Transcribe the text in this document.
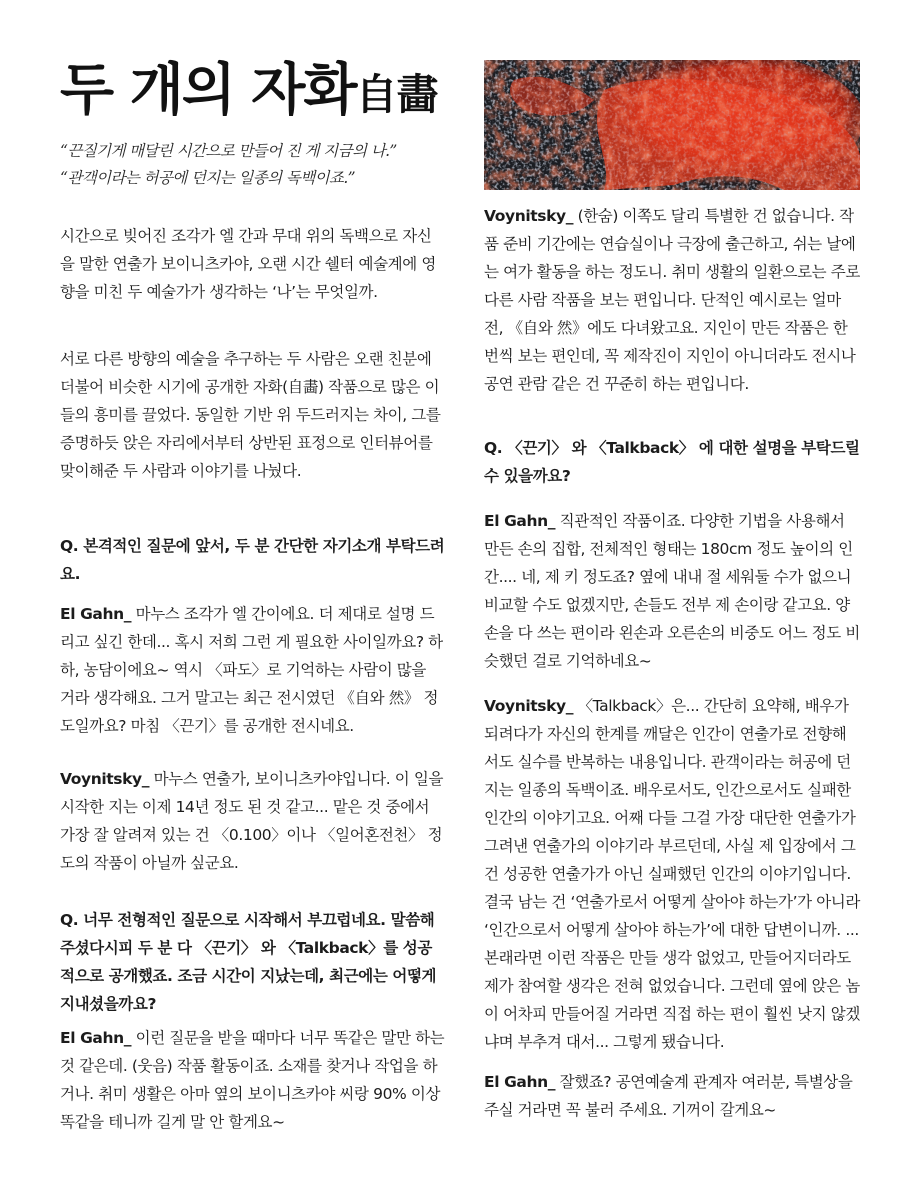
두 개의 자화自畵
“끈질기게 매달린 시간으로 만들어 진 게 지금의 나.”
“관객이라는 허공에 던지는 일종의 독백이죠.”

시간으로 빚어진 조각가 엘 간과 무대 위의 독백으로 자신을 말한 연출가 보이니츠카야, 오랜 시간 쉘터 예술계에 영향을 미친 두 예술가가 생각하는 ‘나’는 무엇일까.

서로 다른 방향의 예술을 추구하는 두 사람은 오랜 친분에 더불어 비슷한 시기에 공개한 자화(自畵) 작품으로 많은 이들의 흥미를 끌었다. 동일한 기반 위 두드러지는 차이, 그를 증명하듯 앉은 자리에서부터 상반된 표정으로 인터뷰어를 맞이해준 두 사람과 이야기를 나눴다.

Q. 본격적인 질문에 앞서, 두 분 간단한 자기소개 부탁드려요.

El Gahn_ 마누스 조각가 엘 간이에요. 더 제대로 설명 드리고 싶긴 한데... 혹시 저희 그런 게 필요한 사이일까요? 하하, 농담이에요~ 역시 〈파도〉로 기억하는 사람이 많을 거라 생각해요. 그거 말고는 최근 전시였던 《自와 然》 정도일까요? 마침 〈끈기〉를 공개한 전시네요.

Voynitsky_ 마누스 연출가, 보이니츠카야입니다. 이 일을 시작한 지는 이제 14년 정도 된 것 같고... 맡은 것 중에서 가장 잘 알려져 있는 건 〈0.100〉이나 〈일어혼전천〉 정도의 작품이 아닐까 싶군요.

Q. 너무 전형적인 질문으로 시작해서 부끄럽네요. 말씀해주셨다시피 두 분 다 〈끈기〉 와 〈Talkback〉를 성공적으로 공개했죠. 조금 시간이 지났는데, 최근에는 어떻게 지내셨을까요?

El Gahn_ 이런 질문을 받을 때마다 너무 똑같은 말만 하는 것 같은데. (웃음) 작품 활동이죠. 소재를 찾거나 작업을 하거나. 취미 생활은 아마 옆의 보이니츠카야 씨랑 90% 이상 똑같을 테니까 길게 말 안 할게요~

Voynitsky_ (한숨) 이쪽도 달리 특별한 건 없습니다. 작품 준비 기간에는 연습실이나 극장에 출근하고, 쉬는 날에는 여가 활동을 하는 정도니. 취미 생활의 일환으로는 주로 다른 사람 작품을 보는 편입니다. 단적인 예시로는 얼마 전, 《自와 然》에도 다녀왔고요. 지인이 만든 작품은 한 번씩 보는 편인데, 꼭 제작진이 지인이 아니더라도 전시나 공연 관람 같은 건 꾸준히 하는 편입니다.

Q. 〈끈기〉 와 〈Talkback〉 에 대한 설명을 부탁드릴 수 있을까요?

El Gahn_ 직관적인 작품이죠. 다양한 기법을 사용해서 만든 손의 집합, 전체적인 형태는 180cm 정도 높이의 인간.... 네, 제 키 정도죠? 옆에 내내 절 세워둘 수가 없으니 비교할 수도 없겠지만, 손들도 전부 제 손이랑 같고요. 양손을 다 쓰는 편이라 왼손과 오른손의 비중도 어느 정도 비슷했던 걸로 기억하네요~

Voynitsky_ 〈Talkback〉은... 간단히 요약해, 배우가 되려다가 자신의 한계를 깨달은 인간이 연출가로 전향해서도 실수를 반복하는 내용입니다. 관객이라는 허공에 던지는 일종의 독백이죠. 배우로서도, 인간으로서도 실패한 인간의 이야기고요. 어째 다들 그걸 가장 대단한 연출가가 그려낸 연출가의 이야기라 부르던데, 사실 제 입장에서 그건 성공한 연출가가 아닌 실패했던 인간의 이야기입니다. 결국 남는 건 ‘연출가로서 어떻게 살아야 하는가’가 아니라 ‘인간으로서 어떻게 살아야 하는가’에 대한 답변이니까. ...본래라면 이런 작품은 만들 생각 없었고, 만들어지더라도 제가 참여할 생각은 전혀 없었습니다. 그런데 옆에 앉은 놈이 어차피 만들어질 거라면 직접 하는 편이 훨씬 낫지 않겠냐며 부추겨 대서... 그렇게 됐습니다.

El Gahn_ 잘했죠? 공연예술계 관계자 여러분, 특별상을 주실 거라면 꼭 불러 주세요. 기꺼이 갈게요~
